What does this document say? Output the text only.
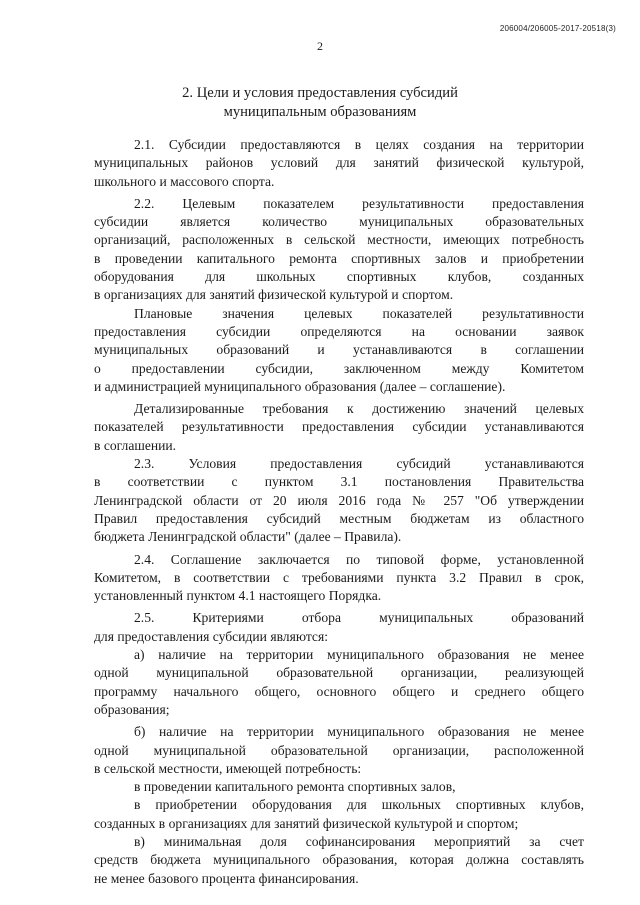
206004/206005-2017-20518(3)
2
2. Цели и условия предоставления субсидий
муниципальным образованиям
2.1. Субсидии предоставляются в целях создания на территории
муниципальных районов условий для занятий физической культурой,
школьного и массового спорта.
2.2. Целевым показателем результативности предоставления
субсидии является количество муниципальных образовательных
организаций, расположенных в сельской местности, имеющих потребность
в проведении капитального ремонта спортивных залов и приобретении
оборудования для школьных спортивных клубов, созданных
в организациях для занятий физической культурой и спортом.
Плановые значения целевых показателей результативности
предоставления субсидии определяются на основании заявок
муниципальных образований и устанавливаются в соглашении
о предоставлении субсидии, заключенном между Комитетом
и администрацией муниципального образования (далее – соглашение).
Детализированные требования к достижению значений целевых
показателей результативности предоставления субсидии устанавливаются
в соглашении.
2.3. Условия предоставления субсидий устанавливаются
в соответствии с пунктом 3.1 постановления Правительства
Ленинградской области от 20 июля 2016 года № 257 "Об утверждении
Правил предоставления субсидий местным бюджетам из областного
бюджета Ленинградской области" (далее – Правила).
2.4. Соглашение заключается по типовой форме, установленной
Комитетом, в соответствии с требованиями пункта 3.2 Правил в срок,
установленный пунктом 4.1 настоящего Порядка.
2.5. Критериями отбора муниципальных образований
для предоставления субсидии являются:
а) наличие на территории муниципального образования не менее
одной муниципальной образовательной организации, реализующей
программу начального общего, основного общего и среднего общего
образования;
б) наличие на территории муниципального образования не менее
одной муниципальной образовательной организации, расположенной
в сельской местности, имеющей потребность:
в проведении капитального ремонта спортивных залов,
в приобретении оборудования для школьных спортивных клубов,
созданных в организациях для занятий физической культурой и спортом;
в) минимальная доля софинансирования мероприятий за счет
средств бюджета муниципального образования, которая должна составлять
не менее базового процента финансирования.
